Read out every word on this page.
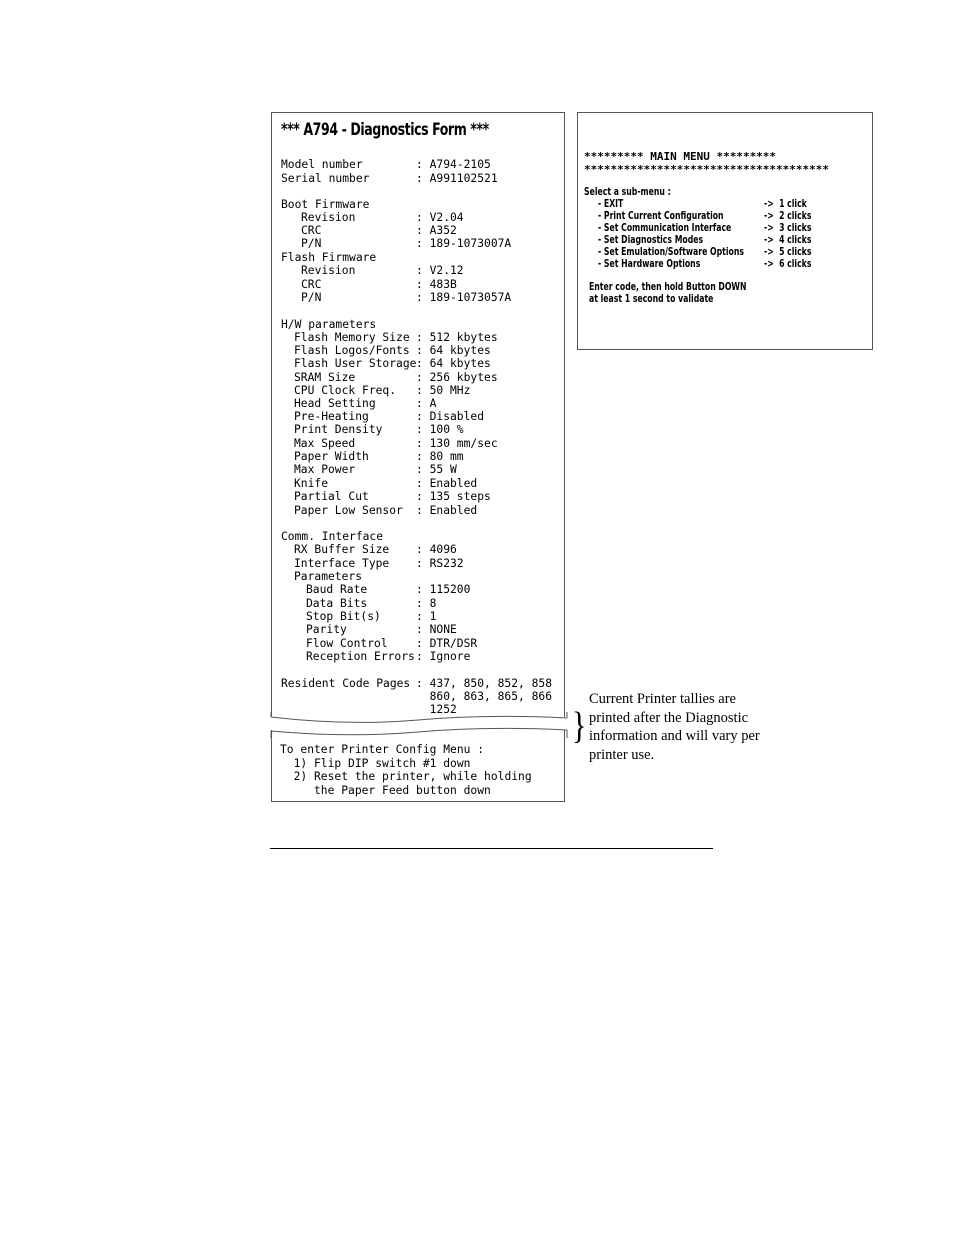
*** A794 - Diagnostics Form ***
Model number	: A794-2105
Serial number	: A991102521
Boot Firmware
Revision	: V2.04
CRC	: A352
P/N	: 189-1073007A
Flash Firmware
Revision	: V2.12
CRC	: 483B
P/N	: 189-1073057A
H/W parameters
Flash Memory Size : 512 kbytes
Flash Logos/Fonts : 64 kbytes
Flash User Storage : 64 kbytes
SRAM Size	: 256 kbytes
CPU Clock Freq. : 50 MHz
Head Setting	: A
Pre-Heating	: Disabled
Print Density	: 100 %
Max Speed	: 130 mm/sec
Paper Width	: 80 mm
Max Power	: 55 W
Knife	: Enabled
Partial Cut	: 135 steps
Paper Low Sensor : Enabled
Comm. Interface
RX Buffer Size : 4096
Interface Type : RS232
Parameters
Baud Rate	: 115200
Data Bits	: 8
Stop Bit(s)	: 1
Parity	: NONE
Flow Control	: DTR/DSR
Reception Errors : Ignore
Resident Code Pages : 437, 850, 852, 858
860, 863, 865, 866
1252
To enter Printer Config Menu :
1) Flip DIP switch #1 down
2) Reset the printer, while holding
the Paper Feed button down
********* MAIN MENU *********
*************************************
Select a sub-menu :
- EXIT	->  1 click
- Print Current Configuration	->  2 clicks
- Set Communication Interface	->  3 clicks
- Set Diagnostics Modes	->  4 clicks
- Set Emulation/Software Options ->  5 clicks
- Set Hardware Options	->  6 clicks
Enter code, then hold Button DOWN
at least 1 second to validate
}
Current Printer tallies are printed after the Diagnostic information and will vary per printer use.
